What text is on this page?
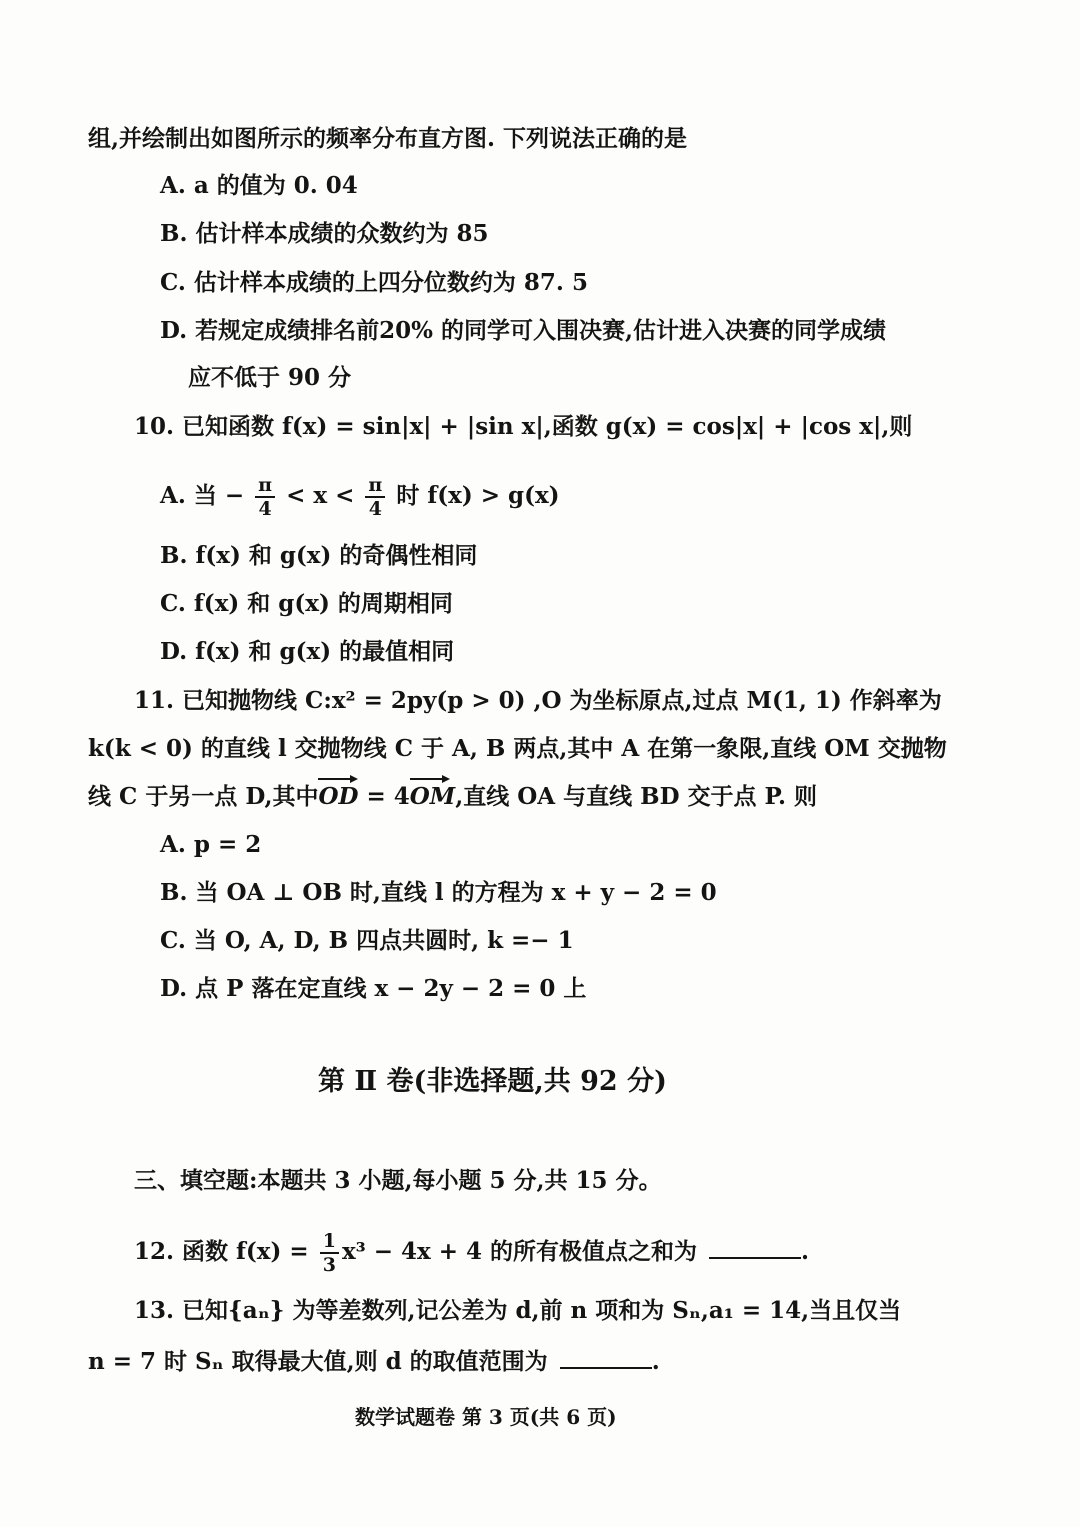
组,并绘制出如图所示的频率分布直方图. 下列说法正确的是
A. a 的值为 0. 04
B. 估计样本成绩的众数约为 85
C. 估计样本成绩的上四分位数约为 87. 5
D. 若规定成绩排名前20% 的同学可入围决赛,估计进入决赛的同学成绩
应不低于 90 分
10. 已知函数 f(x) = sin|x| + |sin x|,函数 g(x) = cos|x| + |cos x|,则
A. 当 − $\frac{\pi}{4} < x < \frac{\pi}{4}$ 时 f(x) > g(x)
B. f(x) 和 g(x) 的奇偶性相同
C. f(x) 和 g(x) 的周期相同
D. f(x) 和 g(x) 的最值相同
11. 已知抛物线 C:x² = 2py(p > 0) ,O 为坐标原点,过点 M(1, 1) 作斜率为
k(k < 0) 的直线 l 交抛物线 C 于 A, B 两点,其中 A 在第一象限,直线 OM 交抛物
线 C 于另一点 D,其中
OD = 4
OM,直线 OA 与直线 BD 交于点 P. 则
A. p = 2
B. 当 OA ⊥ OB 时,直线 l 的方程为 x + y − 2 = 0
C. 当 O, A, D, B 四点共圆时, k =− 1
D. 点 P 落在定直线 x − 2y − 2 = 0 上
第 Ⅱ 卷(非选择题,共 92 分)
三、填空题:本题共 3 小题,每小题 5 分,共 15 分。
12. 函数 $f(x) = \frac{1}{3} x^3 - 4x + 4$ 的所有极值点之和为	.
13. 已知{aₙ} 为等差数列,记公差为 d,前 n 项和为 Sₙ,a₁ = 14,当且仅当
n = 7 时 Sₙ 取得最大值,则 d 的取值范围为	.
数学试题卷 第 3 页(共 6 页)
